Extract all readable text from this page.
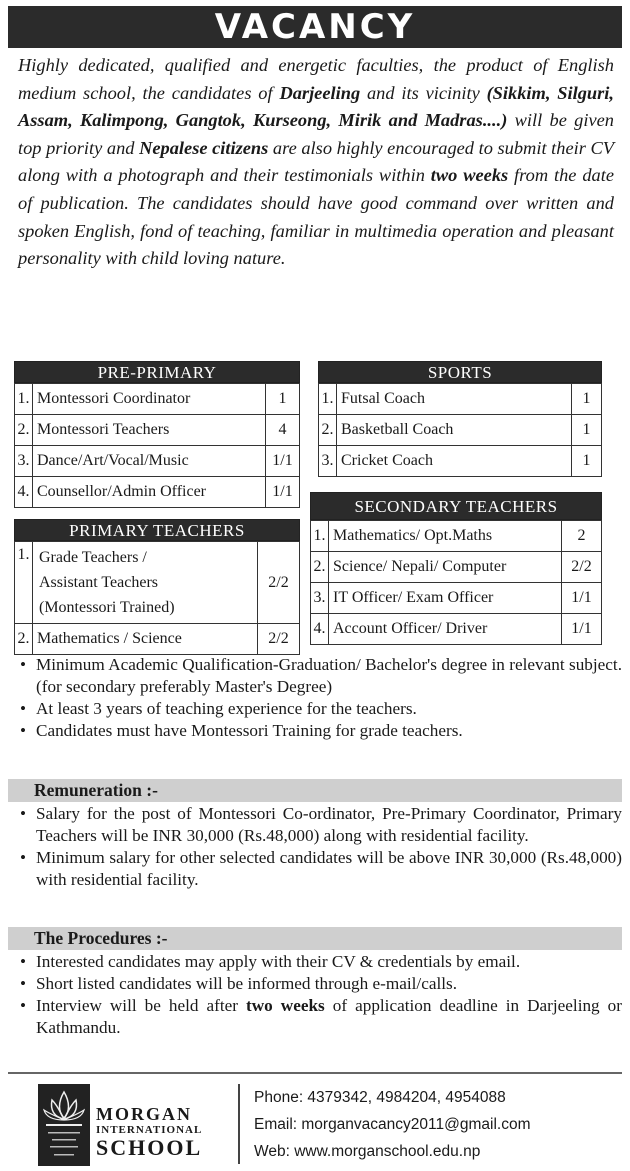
VACANCY

Highly dedicated, qualified and energetic faculties, the product of English medium school, the candidates of Darjeeling and its vicinity (Sikkim, Silguri, Assam, Kalimpong, Gangtok, Kurseong, Mirik and Madras....) will be given top priority and Nepalese citizens are also highly encouraged to submit their CV along with a photograph and their testimonials within two weeks from the date of publication. The candidates should have good command over written and spoken English, fond of teaching, familiar in multimedia operation and pleasant personality with child loving nature.

PRE-PRIMARY
1.	Montessori Coordinator	1
2.	Montessori Teachers	4
3.	Dance/Art/Vocal/Music	1/1
4.	Counsellor/Admin Officer	1/1
SPORTS
1.	Futsal Coach	1
2.	Basketball Coach	1
3.	Cricket Coach	1
PRIMARY TEACHERS
1.	Grade Teachers /
Assistant Teachers
(Montessori Trained)	2/2
2.	Mathematics / Science	2/2
SECONDARY TEACHERS
1.	Mathematics/ Opt.Maths	2
2.	Science/ Nepali/ Computer	2/2
3.	IT Officer/ Exam Officer	1/1
4.	Account Officer/ Driver	1/1
• Minimum Academic Qualification-Graduation/ Bachelor's degree in relevant subject.(for secondary preferably Master's Degree)
• At least 3 years of teaching experience for the teachers.
• Candidates must have Montessori Training for grade teachers.
Remuneration :-
• Salary for the post of Montessori Co-ordinator, Pre-Primary Coordinator, Primary Teachers will be INR 30,000 (Rs.48,000) along with residential facility.
• Minimum salary for other selected candidates will be above INR 30,000 (Rs.48,000) with residential facility.
The Procedures :-
• Interested candidates may apply with their CV & credentials by email.
• Short listed candidates will be informed through e-mail/calls.
• Interview will be held after two weeks of application deadline in Darjeeling or Kathmandu.
MORGAN
INTERNATIONAL
SCHOOL
Phone: 4379342, 4984204, 4954088
Email: morganvacancy2011@gmail.com
Web: www.morganschool.edu.np
